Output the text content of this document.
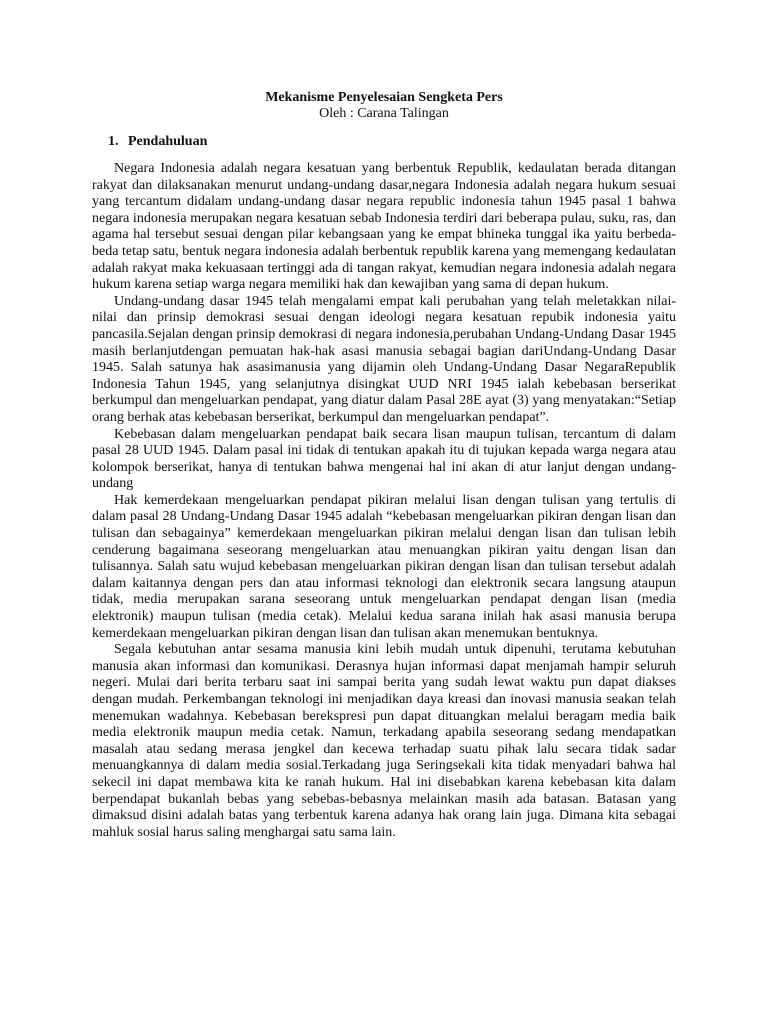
Mekanisme Penyelesaian Sengketa Pers
Oleh : Carana Talingan
1. Pendahuluan

Negara Indonesia adalah negara kesatuan yang berbentuk Republik, kedaulatan berada ditangan rakyat dan dilaksanakan menurut undang-undang dasar,negara Indonesia adalah negara hukum sesuai yang tercantum didalam undang-undang dasar negara republic indonesia tahun 1945 pasal 1 bahwa negara indonesia merupakan negara kesatuan sebab Indonesia terdiri dari beberapa pulau, suku, ras, dan agama hal tersebut sesuai dengan pilar kebangsaan yang ke empat bhineka tunggal ika yaitu berbeda-beda tetap satu, bentuk negara indonesia adalah berbentuk republik karena yang memengang kedaulatan adalah rakyat maka kekuasaan tertinggi ada di tangan rakyat, kemudian negara indonesia adalah negara hukum karena setiap warga negara memiliki hak dan kewajiban yang sama di depan hukum.

Undang-undang dasar 1945 telah mengalami empat kali perubahan yang telah meletakkan nilai-nilai dan prinsip demokrasi sesuai dengan ideologi negara kesatuan repubik indonesia yaitu pancasila.Sejalan dengan prinsip demokrasi di negara indonesia,perubahan Undang-Undang Dasar 1945 masih berlanjutdengan pemuatan hak-hak asasi manusia sebagai bagian dariUndang-Undang Dasar 1945. Salah satunya hak asasimanusia yang dijamin oleh Undang-Undang Dasar NegaraRepublik Indonesia Tahun 1945, yang selanjutnya disingkat UUD NRI 1945 ialah kebebasan berserikat berkumpul dan mengeluarkan pendapat, yang diatur dalam Pasal 28E ayat (3) yang menyatakan:“Setiap orang berhak atas kebebasan berserikat, berkumpul dan mengeluarkan pendapat”.

Kebebasan dalam mengeluarkan pendapat baik secara lisan maupun tulisan, tercantum di dalam pasal 28 UUD 1945. Dalam pasal ini tidak di tentukan apakah itu di tujukan kepada warga negara atau kolompok berserikat, hanya di tentukan bahwa mengenai hal ini akan di atur lanjut dengan undang-undang

Hak kemerdekaan mengeluarkan pendapat pikiran melalui lisan dengan tulisan yang tertulis di dalam pasal 28 Undang-Undang Dasar 1945 adalah “kebebasan mengeluarkan pikiran dengan lisan dan tulisan dan sebagainya” kemerdekaan mengeluarkan pikiran melalui dengan lisan dan tulisan lebih cenderung bagaimana seseorang mengeluarkan atau menuangkan pikiran yaitu dengan lisan dan tulisannya. Salah satu wujud kebebasan mengeluarkan pikiran dengan lisan dan tulisan tersebut adalah dalam kaitannya dengan pers dan atau informasi teknologi dan elektronik secara langsung ataupun tidak, media merupakan sarana seseorang untuk mengeluarkan pendapat dengan lisan (media elektronik) maupun tulisan (media cetak). Melalui kedua sarana inilah hak asasi manusia berupa kemerdekaan mengeluarkan pikiran dengan lisan dan tulisan akan menemukan bentuknya.

Segala kebutuhan antar sesama manusia kini lebih mudah untuk dipenuhi, terutama kebutuhan manusia akan informasi dan komunikasi. Derasnya hujan informasi dapat menjamah hampir seluruh negeri. Mulai dari berita terbaru saat ini sampai berita yang sudah lewat waktu pun dapat diakses dengan mudah. Perkembangan teknologi ini menjadikan daya kreasi dan inovasi manusia seakan telah menemukan wadahnya. Kebebasan berekspresi pun dapat dituangkan melalui beragam media baik media elektronik maupun media cetak. Namun, terkadang apabila seseorang sedang mendapatkan masalah atau sedang merasa jengkel dan kecewa terhadap suatu pihak lalu secara tidak sadar menuangkannya di dalam media sosial.Terkadang juga Seringsekali kita tidak menyadari bahwa hal sekecil ini dapat membawa kita ke ranah hukum. Hal ini disebabkan karena kebebasan kita dalam berpendapat bukanlah bebas yang sebebas-bebasnya melainkan masih ada batasan. Batasan yang dimaksud disini adalah batas yang terbentuk karena adanya hak orang lain juga. Dimana kita sebagai mahluk sosial harus saling menghargai satu sama lain.
